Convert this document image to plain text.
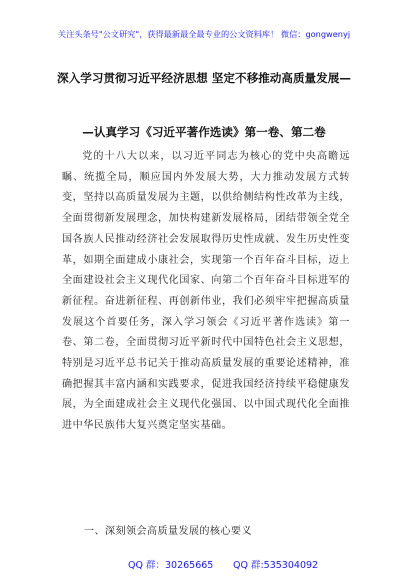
关注头条号"公文研究"，获得最新最全最专业的公文资料库！ 微信：gongwenyj
深入学习贯彻习近平经济思想 坚定不移推动高质量发展—
—认真学习《习近平著作选读》第一卷、第二卷

党的十八大以来，以习近平同志为核心的党中央高瞻远瞩、统揽全局，顺应国内外发展大势，大力推动发展方式转变，坚持以高质量发展为主题，以供给侧结构性改革为主线，全面贯彻新发展理念，加快构建新发展格局，团结带领全党全国各族人民推动经济社会发展取得历史性成就、发生历史性变革，如期全面建成小康社会，实现第一个百年奋斗目标，迈上全面建设社会主义现代化国家、向第二个百年奋斗目标进军的新征程。奋进新征程、再创新伟业，我们必须牢牢把握高质量发展这个首要任务，深入学习领会《习近平著作选读》第一卷、第二卷，全面贯彻习近平新时代中国特色社会主义思想，特别是习近平总书记关于推动高质量发展的重要论述精神，准确把握其丰富内涵和实践要求，促进我国经济持续平稳健康发展，为全面建成社会主义现代化强国、以中国式现代化全面推进中华民族伟大复兴奠定坚实基础。

一、深刻领会高质量发展的核心要义

QQ 群：30265665 QQ 群:535304092
